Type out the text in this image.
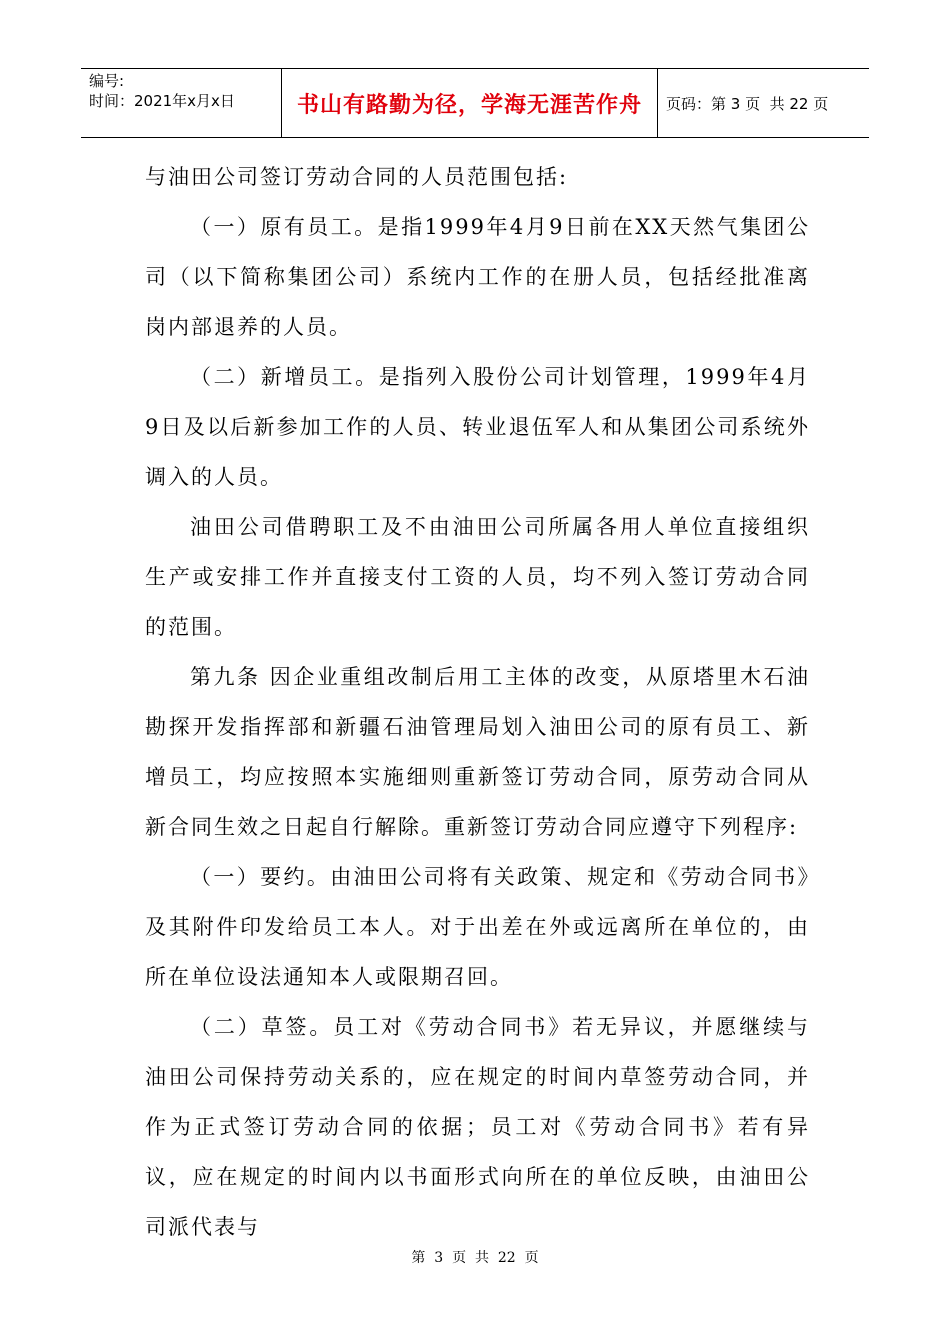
编号:
时间：2021年x月x日	书山有路勤为径，学海无涯苦作舟	页码：第 3 页  共 22 页

与油田公司签订劳动合同的人员范围包括:

（一）原有员工。是指1999年4月9日前在XX天然气集团公司（以下简称集团公司）系统内工作的在册人员，包括经批准离岗内部退养的人员。

（二）新增员工。是指列入股份公司计划管理，1999年4月9日及以后新参加工作的人员、转业退伍军人和从集团公司系统外调入的人员。

油田公司借聘职工及不由油田公司所属各用人单位直接组织生产或安排工作并直接支付工资的人员，均不列入签订劳动合同的范围。

第九条 因企业重组改制后用工主体的改变，从原塔里木石油勘探开发指挥部和新疆石油管理局划入油田公司的原有员工、新增员工，均应按照本实施细则重新签订劳动合同，原劳动合同从新合同生效之日起自行解除。重新签订劳动合同应遵守下列程序:

（一）要约。由油田公司将有关政策、规定和《劳动合同书》及其附件印发给员工本人。对于出差在外或远离所在单位的，由所在单位设法通知本人或限期召回。

（二）草签。员工对《劳动合同书》若无异议，并愿继续与油田公司保持劳动关系的，应在规定的时间内草签劳动合同，并作为正式签订劳动合同的依据；员工对《劳动合同书》若有异议，应在规定的时间内以书面形式向所在的单位反映，由油田公司派代表与

第  3  页  共  22  页
